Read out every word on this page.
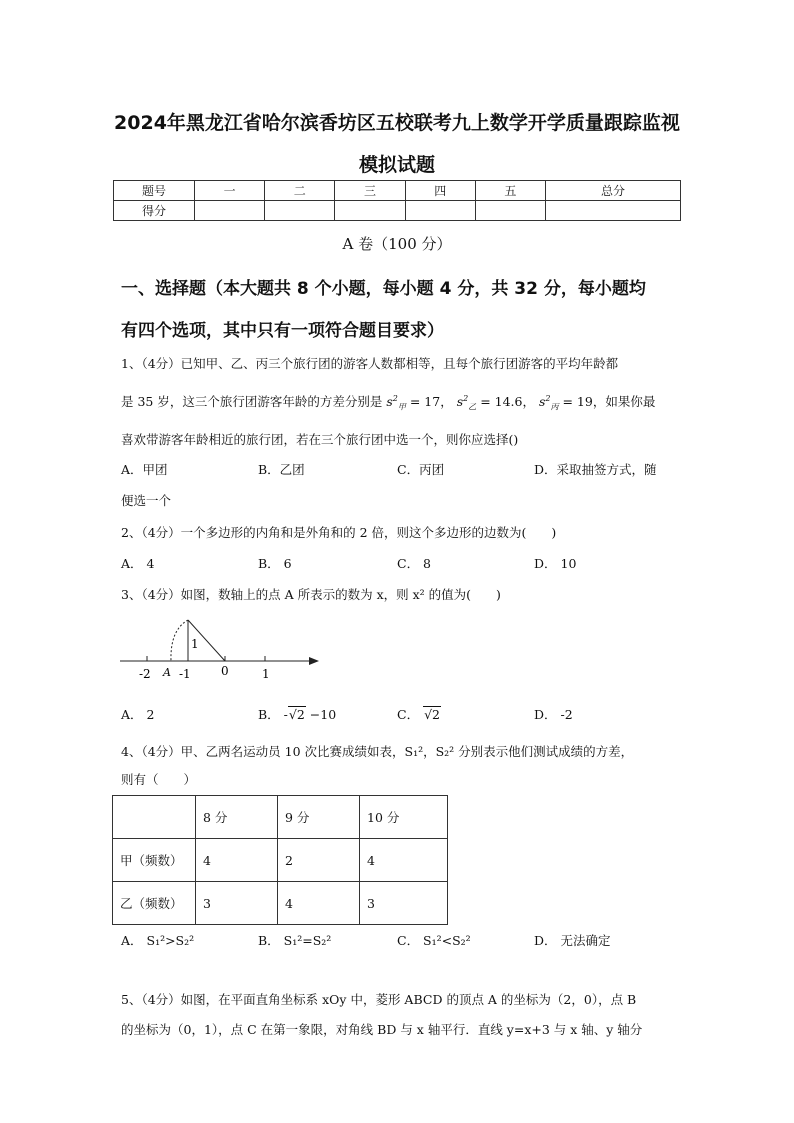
2024年黑龙江省哈尔滨香坊区五校联考九上数学开学质量跟踪监视
模拟试题
题号	一	二	三	四	五	总分
得分						
A 卷（100 分）
一、选择题（本大题共 8 个小题，每小题 4 分，共 32 分，每小题均
有四个选项，其中只有一项符合题目要求）
1、（4分）已知甲、乙、丙三个旅行团的游客人数都相等，且每个旅行团游客的平均年龄都
是 35 岁，这三个旅行团游客年龄的方差分别是 $s^2_甲 = 17$， $s^2_乙 = 14.6$， $s^2_丙 = 19$，如果你最
喜欢带游客年龄相近的旅行团，若在三个旅行团中选一个，则你应选择()
A．甲团	B．乙团	C．丙团	D．采取抽签方式，随
便选一个
2、（4分）一个多边形的内角和是外角和的 2 倍，则这个多边形的边数为(　　)
A． 4	B． 6	C． 8	D． 10
3、（4分）如图，数轴上的点 A 所表示的数为 x，则 x² 的值为(　　)
-2 A -1
1
0	1
A． 2	B． -√2 −10	C． √2	D． -2
4、（4分）甲、乙两名运动员 10 次比赛成绩如表，S₁²，S₂² 分别表示他们测试成绩的方差，
则有（　　）
	8 分	9 分	10 分
甲（频数）	4	2	4
乙（频数）	3	4	3
A． S₁²>S₂²	B． S₁²=S₂²	C． S₁²<S₂²	D． 无法确定
5、（4分）如图，在平面直角坐标系 xOy 中，菱形 ABCD 的顶点 A 的坐标为（2，0），点 B
的坐标为（0，1），点 C 在第一象限，对角线 BD 与 x 轴平行．直线 y=x+3 与 x 轴、y 轴分
